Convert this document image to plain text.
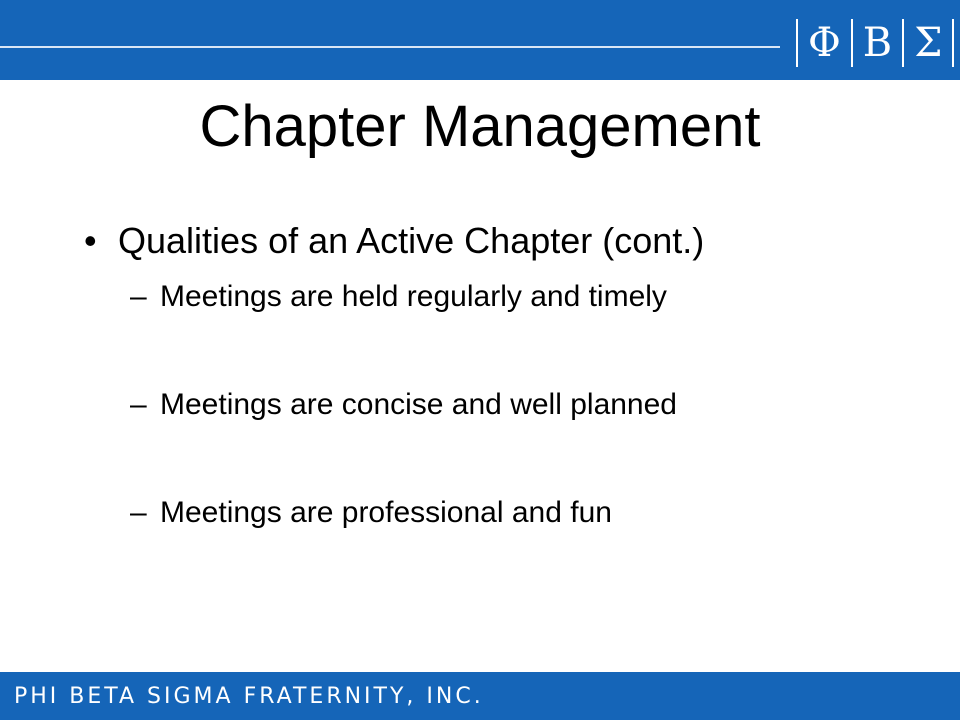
Φ Β Σ
Chapter Management
• Qualities of an Active Chapter (cont.)
– Meetings are held regularly and timely
– Meetings are concise and well planned
– Meetings are professional and fun
PHI BETA SIGMA FRATERNITY, INC.
